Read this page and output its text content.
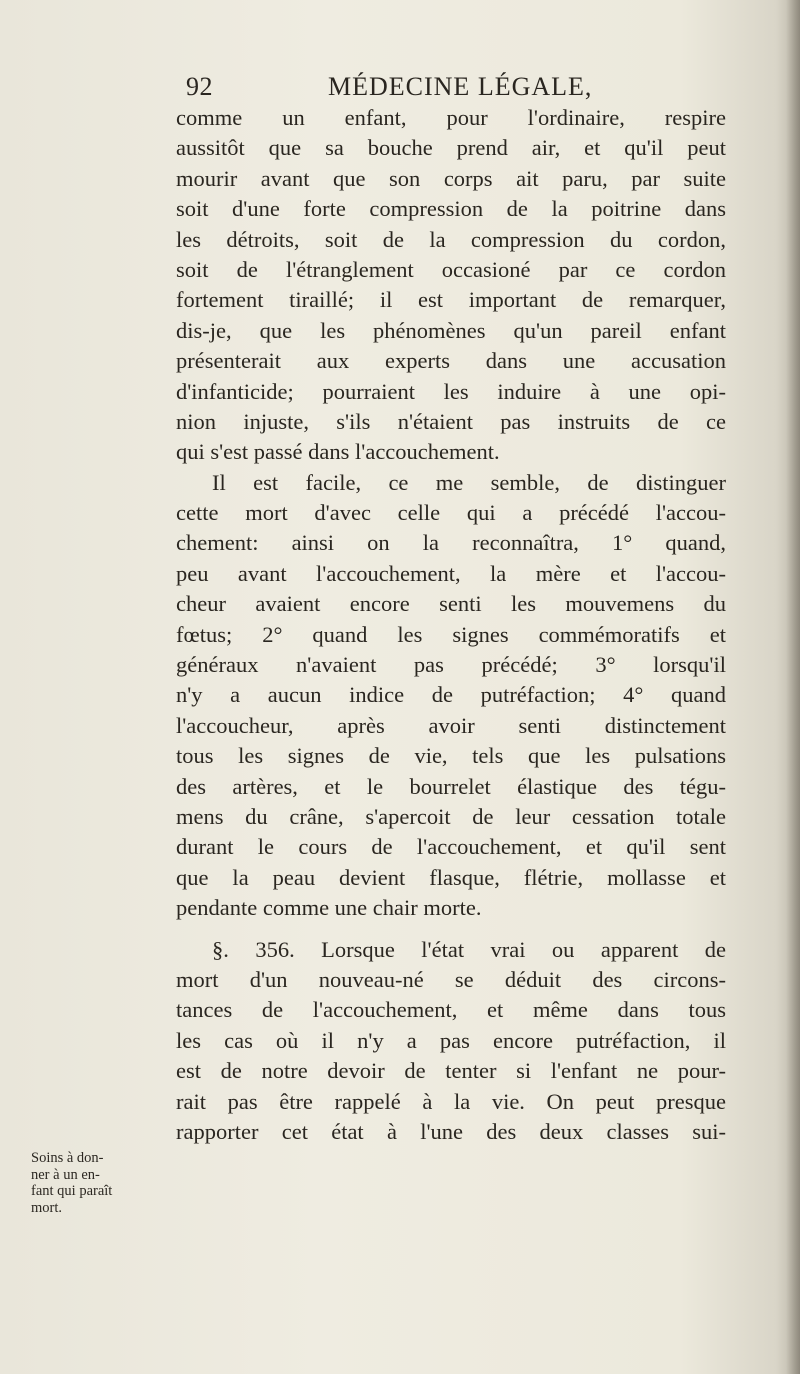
92	MÉDECINE LÉGALE,
comme un enfant, pour l'ordinaire, respire
aussitôt que sa bouche prend air, et qu'il peut
mourir avant que son corps ait paru, par suite
soit d'une forte compression de la poitrine dans
les détroits, soit de la compression du cordon,
soit de l'étranglement occasioné par ce cordon
fortement tiraillé; il est important de remarquer,
dis-je, que les phénomènes qu'un pareil enfant
présenterait aux experts dans une accusation
d'infanticide; pourraient les induire à une opi-
nion injuste, s'ils n'étaient pas instruits de ce
qui s'est passé dans l'accouchement.
Il est facile, ce me semble, de distinguer
cette mort d'avec celle qui a précédé l'accou-
chement: ainsi on la reconnaîtra, 1° quand,
peu avant l'accouchement, la mère et l'accou-
cheur avaient encore senti les mouvemens du
fœtus; 2° quand les signes commémoratifs et
généraux n'avaient pas précédé; 3° lorsqu'il
n'y a aucun indice de putréfaction; 4° quand
l'accoucheur, après avoir senti distinctement
tous les signes de vie, tels que les pulsations
des artères, et le bourrelet élastique des tégu-
mens du crâne, s'apercoit de leur cessation totale
durant le cours de l'accouchement, et qu'il sent
que la peau devient flasque, flétrie, mollasse et
pendante comme une chair morte.
§. 356. Lorsque l'état vrai ou apparent de
mort d'un nouveau-né se déduit des circons-
tances de l'accouchement, et même dans tous
les cas où il n'y a pas encore putréfaction, il
est de notre devoir de tenter si l'enfant ne pour-
rait pas être rappelé à la vie. On peut presque
rapporter cet état à l'une des deux classes sui-
Soins à don-
ner à un en-
fant qui paraît
mort.
